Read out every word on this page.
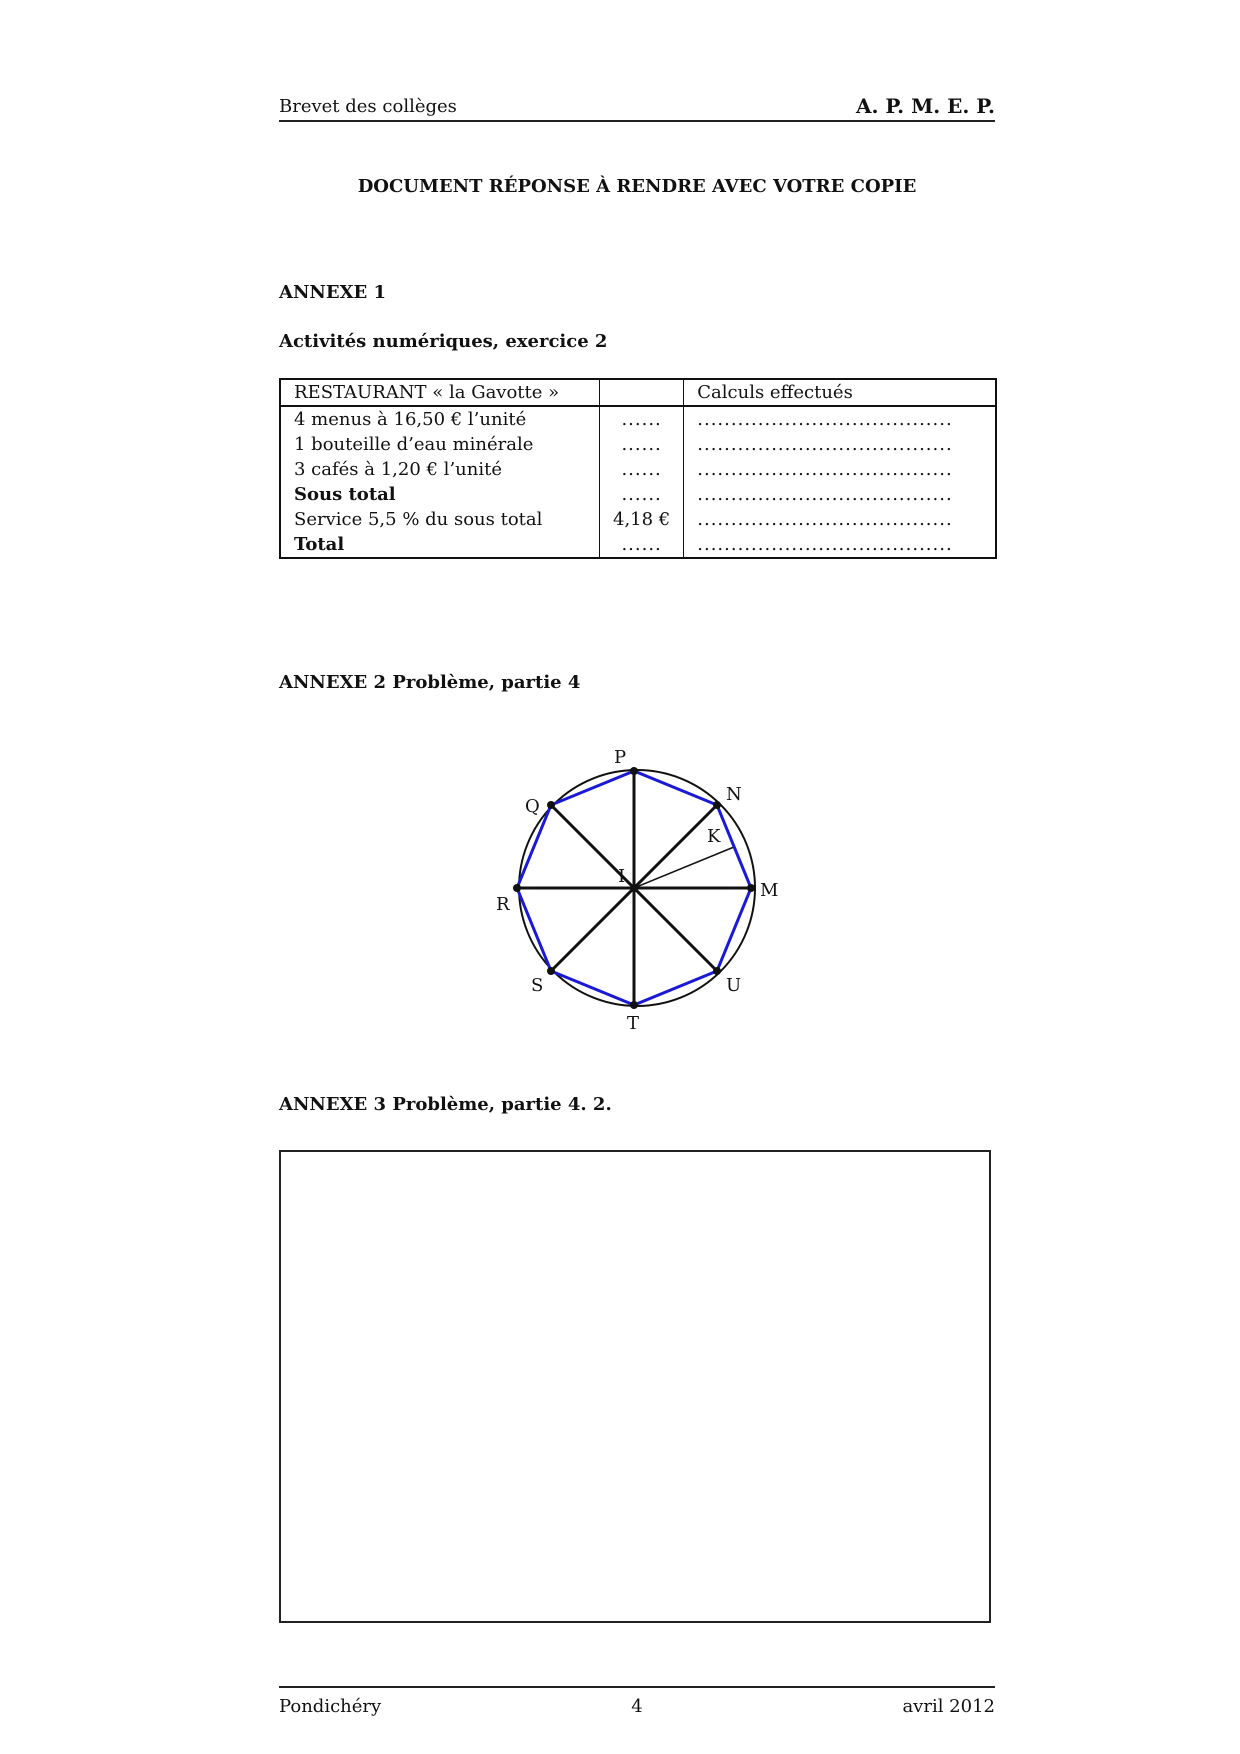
Brevet des collèges	A. P. M. E. P.
DOCUMENT RÉPONSE À RENDRE AVEC VOTRE COPIE
ANNEXE 1
Activités numériques, exercice 2
RESTAURANT « la Gavotte »		Calculs effectués
4 menus à 16,50 € l’unité	......	......................................
1 bouteille d’eau minérale	......	......................................
3 cafés à 1,20 € l’unité	......	......................................
Sous total	......	......................................
Service 5,5 % du sous total	4,18 €	......................................
Total	......	......................................
ANNEXE 2 Problème, partie 4
P
N
K
I
M
U
T
S
R
Q
ANNEXE 3 Problème, partie 4. 2.
Pondichéry	4	avril 2012
